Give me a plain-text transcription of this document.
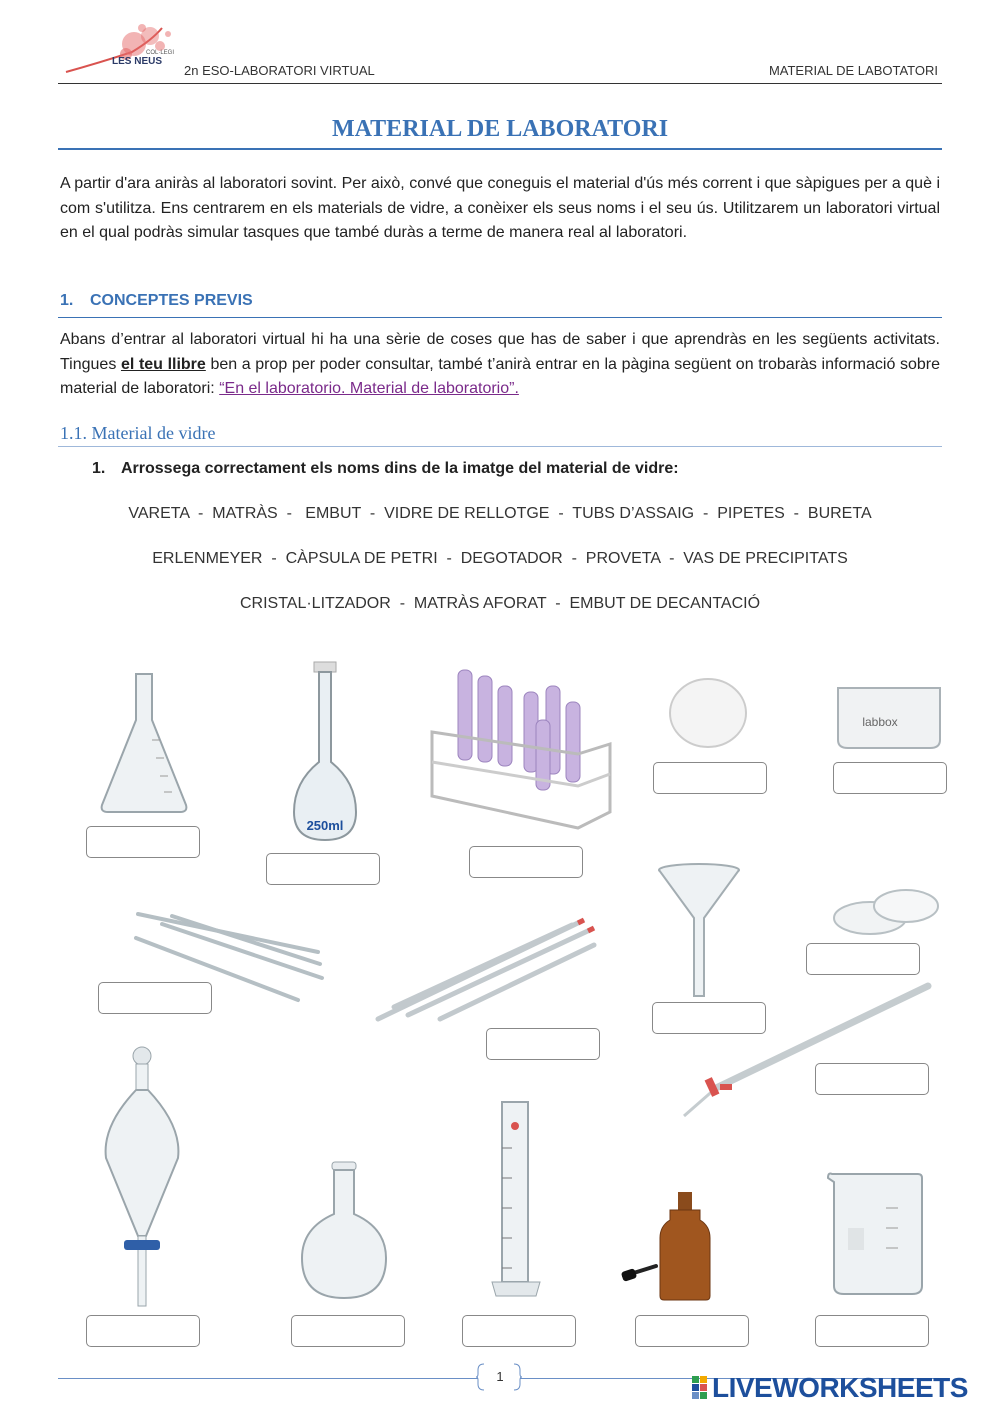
COL·LEGI
LES NEUS
2n ESO-LABORATORI VIRTUAL	MATERIAL DE LABOTATORI
MATERIAL DE LABORATORI
A partir d'ara aniràs al laboratori sovint. Per això, convé que coneguis el material d'ús més corrent i que sàpigues per a què i com s'utilitza. Ens centrarem en els materials de vidre, a conèixer els seus noms i el seu ús. Utilitzarem un laboratori virtual en el qual podràs simular tasques que també duràs a terme de manera real al laboratori.
1. CONCEPTES PREVIS
Abans d’entrar al laboratori virtual hi ha una sèrie de coses que has de saber i que aprendràs en les següents activitats. Tingues el teu llibre ben a prop per poder consultar, també t’anirà entrar en la pàgina següent on trobaràs informació sobre material de laboratori: “En el laboratorio. Material de laboratorio”.
1.1. Material de vidre
1. Arrossega correctament els noms dins de la imatge del material de vidre:
VARETA  -  MATRÀS  -   EMBUT  -  VIDRE DE RELLOTGE  -  TUBS D’ASSAIG  -  PIPETES  -  BURETA
ERLENMEYER  -  CÀPSULA DE PETRI  -  DEGOTADOR  -  PROVETA  -  VAS DE PRECIPITATS
CRISTAL·LITZADOR  -  MATRÀS AFORAT  -  EMBUT DE DECANTACIÓ
250ml
labbox
1	LIVEWORKSHEETS
